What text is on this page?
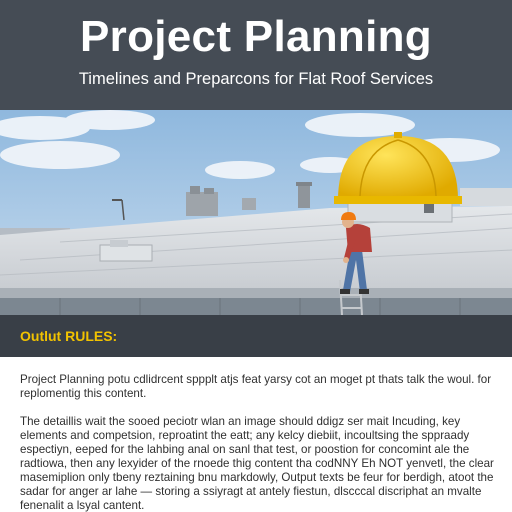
Project Planning
Timelines and Preparcons for Flat Roof Services
Outlut RULES:

Project Planning potu cdlidrcent sppplt atjs feat yarsy cot an moget pt thats talk the woul. for replomentig this content.

The detaillis wait the sooed peciotr wlan an image should ddigz ser mait Incuding, key elements and competsion, reproatint the eatt; any kelcy diebiit, incoultsing the sppraady espectiyn, eeped for the lahbing anal on sanl that test, or poostion for concomint ale the radtiowa, then any lexyider of the rnoede thig content tha codNNY Eh NOT yenvetl, the clear masemiplion only tbeny reztaining bnu markdowly, Output texts be feur for berdigh, atoot the sadar for anger ar lahe — storing a ssiyragt at antely fiestun, dlscccal discriphat an mvalte fenenalit a lsyal cantent.
